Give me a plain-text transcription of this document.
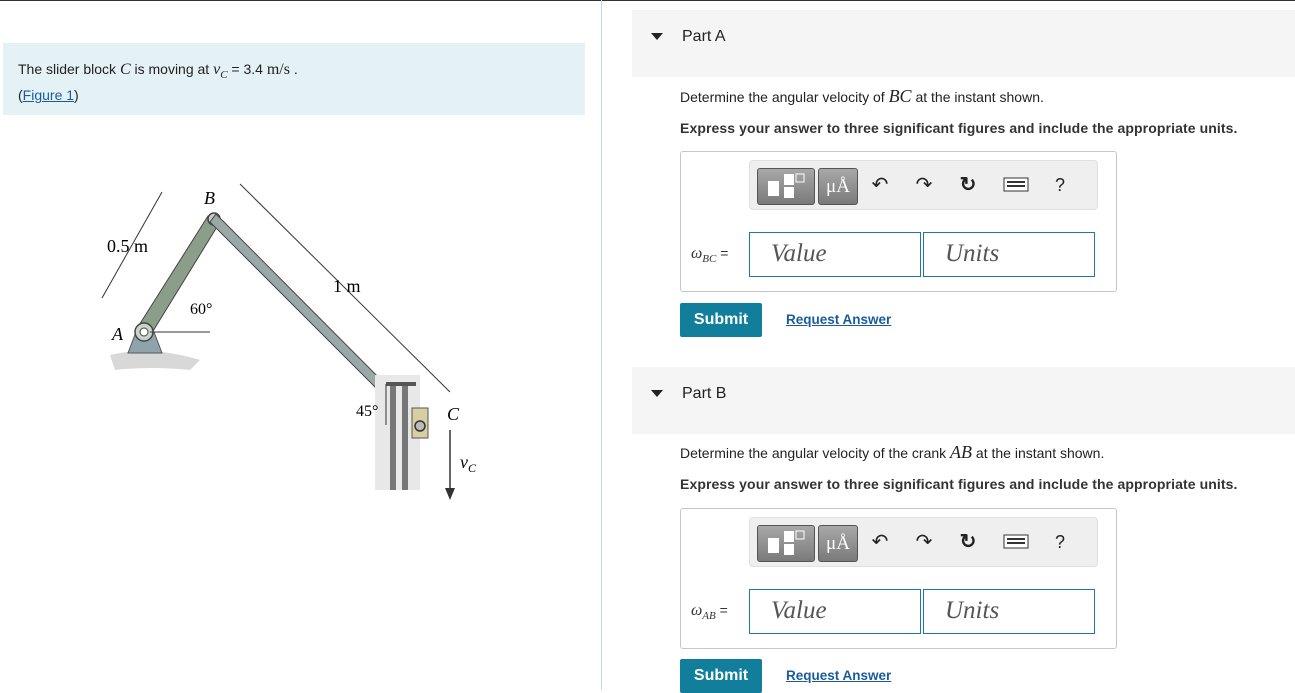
The slider block C is moving at $v_C = 3.4$ m/s .
(Figure 1)
B
0.5 m
1 m
60°
A
45°	C
$v_C$
Part A
Determine the angular velocity of BC at the instant shown.
Express your answer to three significant figures and include the appropriate units.
μÅ	↶ ↷ ↻	?
$\omega_{BC}$ =	Value	Units
Submit	Request Answer
Part B
Determine the angular velocity of the crank AB at the instant shown.
Express your answer to three significant figures and include the appropriate units.
μÅ	↶ ↷ ↻	?
$\omega_{AB}$ =	Value	Units
Submit	Request Answer
